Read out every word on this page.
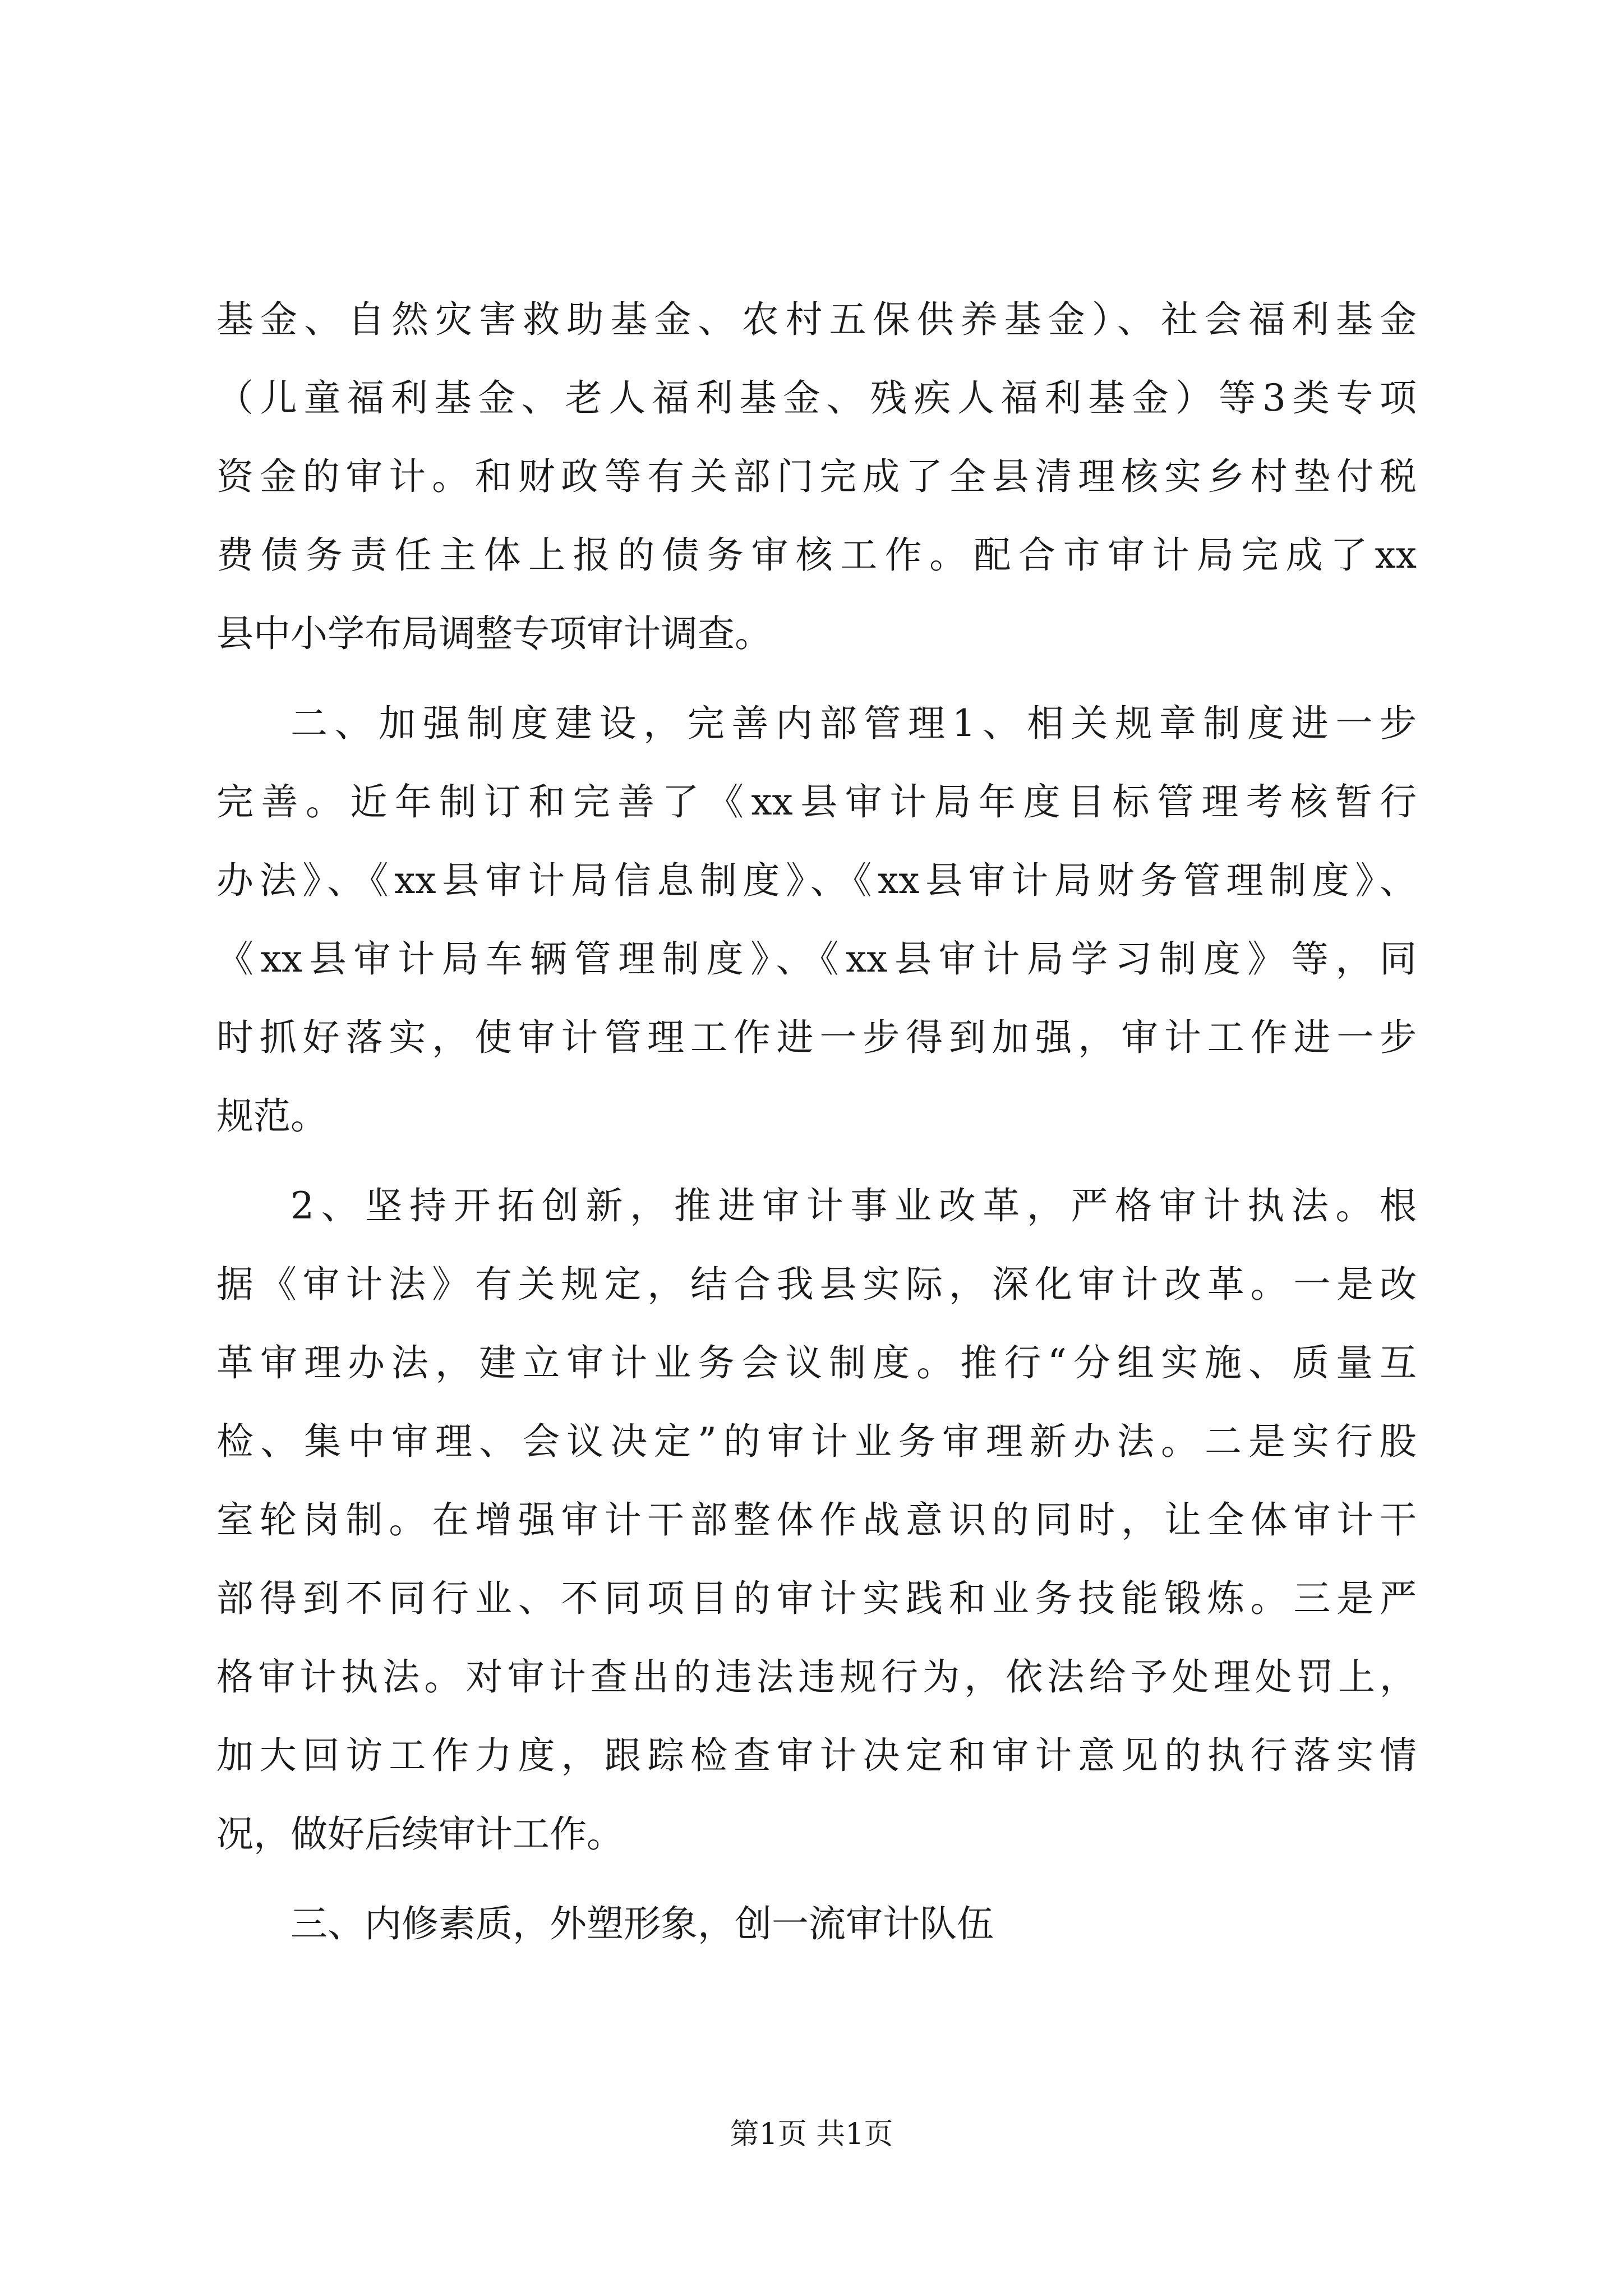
基金、自然灾害救助基金、农村五保供养基金）、社会福利基金
（儿童福利基金、老人福利基金、残疾人福利基金）等3类专项
资金的审计。和财政等有关部门完成了全县清理核实乡村垫付税
费债务责任主体上报的债务审核工作。配合市审计局完成了xx
县中小学布局调整专项审计调查。
二、加强制度建设，完善内部管理1、相关规章制度进一步
完善。近年制订和完善了《xx县审计局年度目标管理考核暂行
办法》、《xx县审计局信息制度》、《xx县审计局财务管理制度》、
《xx县审计局车辆管理制度》、《xx县审计局学习制度》等，同
时抓好落实，使审计管理工作进一步得到加强，审计工作进一步
规范。
2、坚持开拓创新，推进审计事业改革，严格审计执法。根
据《审计法》有关规定，结合我县实际，深化审计改革。一是改
革审理办法，建立审计业务会议制度。推行“分组实施、质量互
检、集中审理、会议决定”的审计业务审理新办法。二是实行股
室轮岗制。在增强审计干部整体作战意识的同时，让全体审计干
部得到不同行业、不同项目的审计实践和业务技能锻炼。三是严
格审计执法。对审计查出的违法违规行为，依法给予处理处罚上，
加大回访工作力度，跟踪检查审计决定和审计意见的执行落实情
况，做好后续审计工作。
三、内修素质，外塑形象，创一流审计队伍
第1页 共1页
